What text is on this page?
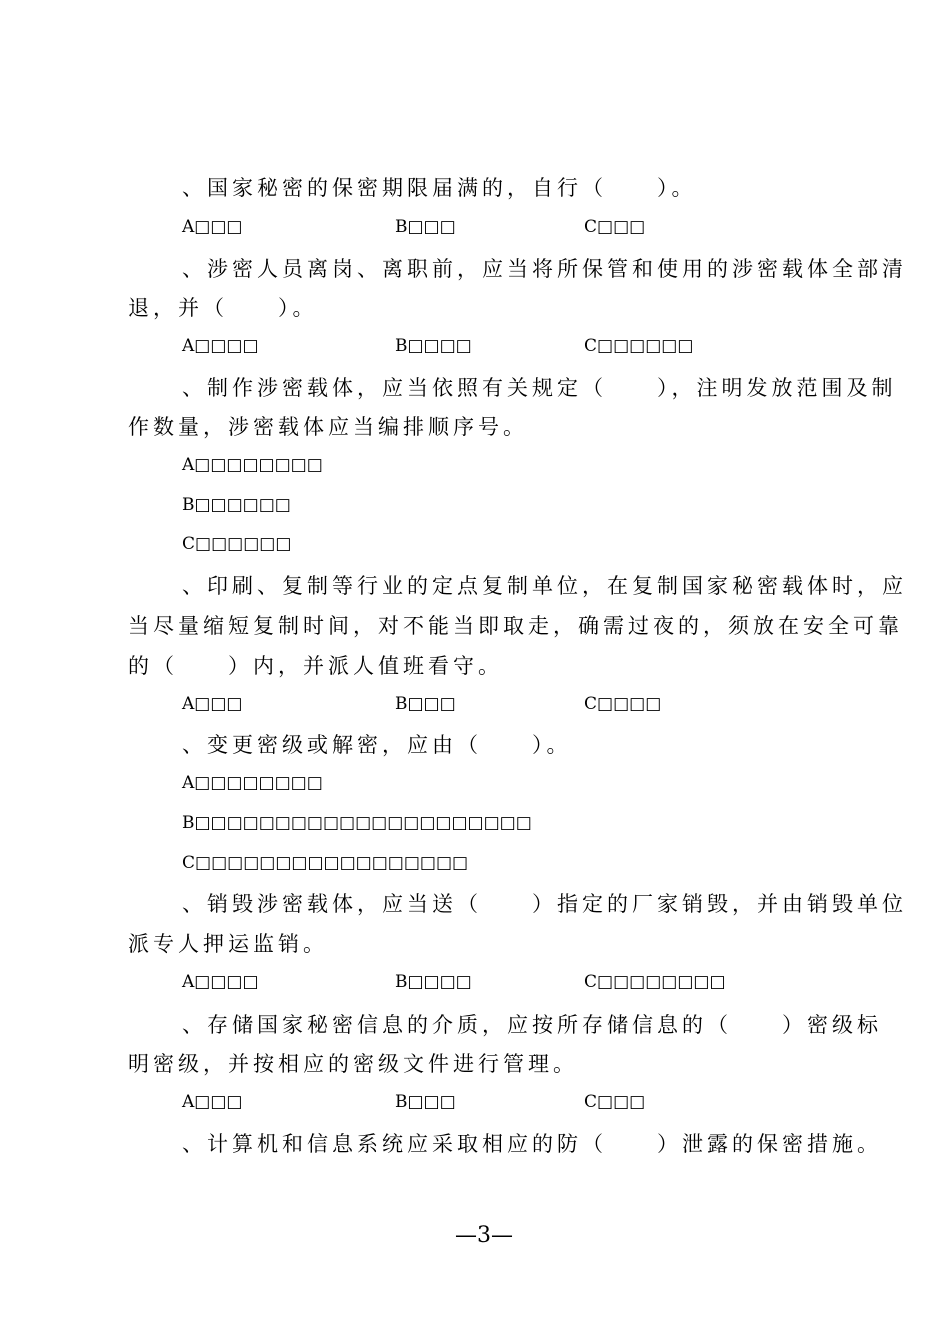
、国家秘密的保密期限届满的，自行（　　）。
A□□□	B□□□	C□□□
、涉密人员离岗、离职前，应当将所保管和使用的涉密载体全部清
退，并（　　）。
A□□□□	B□□□□	C□□□□□□
、制作涉密载体，应当依照有关规定（　　），注明发放范围及制
作数量，涉密载体应当编排顺序号。
A□□□□□□□□
B□□□□□□
C□□□□□□
、印刷、复制等行业的定点复制单位，在复制国家秘密载体时，应
当尽量缩短复制时间，对不能当即取走，确需过夜的，须放在安全可靠
的（　　）内，并派人值班看守。
A□□□	B□□□	C□□□□
、变更密级或解密，应由（　　）。
A□□□□□□□□
B□□□□□□□□□□□□□□□□□□□□□
C□□□□□□□□□□□□□□□□□
、销毁涉密载体，应当送（　　）指定的厂家销毁，并由销毁单位
派专人押运监销。
A□□□□	B□□□□	C□□□□□□□□
、存储国家秘密信息的介质，应按所存储信息的（　　）密级标
明密级，并按相应的密级文件进行管理。
A□□□	B□□□	C□□□
、计算机和信息系统应采取相应的防（　　）泄露的保密措施。
—3—
